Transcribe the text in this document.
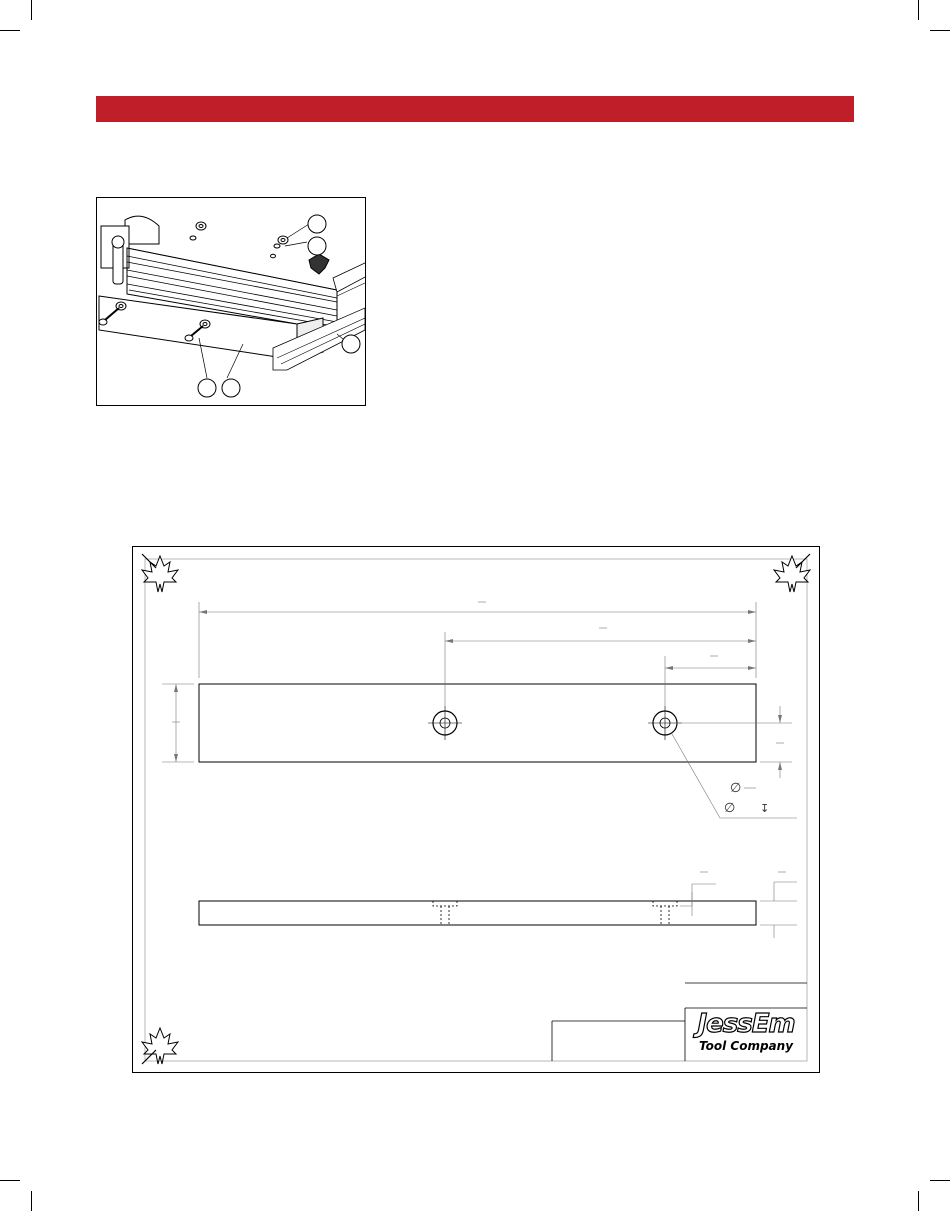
∅
∅ ↧
JessEm
Tool Company
